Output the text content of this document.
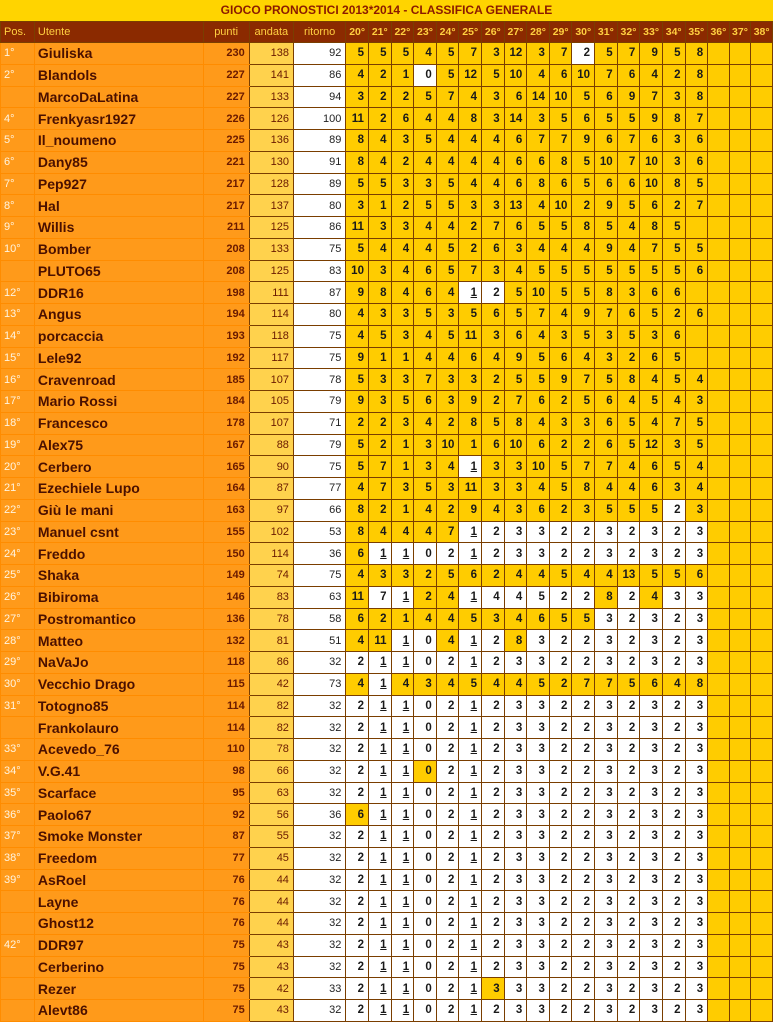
GIOCO PRONOSTICI 2013*2014 - CLASSIFICA GENERALE
Pos.	Utente	punti	andata	ritorno	20°	21°	22°	23°	24°	25°	26°	27°	28°	29°	30°	31°	32°	33°	34°	35°	36°	37°	38°
1°	Giuliska	230	138	92	5	5	5	4	5	7	3	12	3	7	2	5	7	9	5	8			
2°	Blandols	227	141	86	4	2	1	0	5	12	5	10	4	6	10	7	6	4	2	8			
	MarcoDaLatina	227	133	94	3	2	2	5	7	4	3	6	14	10	5	6	9	7	3	8			
4°	Frenkyasr1927	226	126	100	11	2	6	4	4	8	3	14	3	5	6	5	5	9	8	7			
5°	Il_noumeno	225	136	89	8	4	3	5	4	4	4	6	7	7	9	6	7	6	3	6			
6°	Dany85	221	130	91	8	4	2	4	4	4	4	6	6	8	5	10	7	10	3	6			
7°	Pep927	217	128	89	5	5	3	3	5	4	4	6	8	6	5	6	6	10	8	5			
8°	Hal	217	137	80	3	1	2	5	5	3	3	13	4	10	2	9	5	6	2	7			
9°	Willis	211	125	86	11	3	3	4	4	2	7	6	5	5	8	5	4	8	5				
10°	Bomber	208	133	75	5	4	4	4	5	2	6	3	4	4	4	9	4	7	5	5			
	PLUTO65	208	125	83	10	3	4	6	5	7	3	4	5	5	5	5	5	5	5	6			
12°	DDR16	198	111	87	9	8	4	6	4	1	2	5	10	5	5	8	3	6	6				
13°	Angus	194	114	80	4	3	3	5	3	5	6	5	7	4	9	7	6	5	2	6			
14°	porcaccia	193	118	75	4	5	3	4	5	11	3	6	4	3	5	3	5	3	6				
15°	Lele92	192	117	75	9	1	1	4	4	6	4	9	5	6	4	3	2	6	5				
16°	Cravenroad	185	107	78	5	3	3	7	3	3	2	5	5	9	7	5	8	4	5	4			
17°	Mario Rossi	184	105	79	9	3	5	6	3	9	2	7	6	2	5	6	4	5	4	3			
18°	Francesco	178	107	71	2	2	3	4	2	8	5	8	4	3	3	6	5	4	7	5			
19°	Alex75	167	88	79	5	2	1	3	10	1	6	10	6	2	2	6	5	12	3	5			
20°	Cerbero	165	90	75	5	7	1	3	4	1	3	3	10	5	7	7	4	6	5	4			
21°	Ezechiele Lupo	164	87	77	4	7	3	5	3	11	3	3	4	5	8	4	4	6	3	4			
22°	Giù le mani	163	97	66	8	2	1	4	2	9	4	3	6	2	3	5	5	5	2	3			
23°	Manuel csnt	155	102	53	8	4	4	4	7	1	2	3	3	2	2	3	2	3	2	3			
24°	Freddo	150	114	36	6	1	1	0	2	1	2	3	3	2	2	3	2	3	2	3			
25°	Shaka	149	74	75	4	3	3	2	5	6	2	4	4	5	4	4	13	5	5	6			
26°	Bibiroma	146	83	63	11	7	1	2	4	1	4	4	5	2	2	8	2	4	3	3			
27°	Postromantico	136	78	58	6	2	1	4	4	5	3	4	6	5	5	3	2	3	2	3			
28°	Matteo	132	81	51	4	11	1	0	4	1	2	8	3	2	2	3	2	3	2	3			
29°	NaVaJo	118	86	32	2	1	1	0	2	1	2	3	3	2	2	3	2	3	2	3			
30°	Vecchio Drago	115	42	73	4	1	4	3	4	5	4	4	5	2	7	7	5	6	4	8			
31°	Totogno85	114	82	32	2	1	1	0	2	1	2	3	3	2	2	3	2	3	2	3			
	Frankolauro	114	82	32	2	1	1	0	2	1	2	3	3	2	2	3	2	3	2	3			
33°	Acevedo_76	110	78	32	2	1	1	0	2	1	2	3	3	2	2	3	2	3	2	3			
34°	V.G.41	98	66	32	2	1	1	0	2	1	2	3	3	2	2	3	2	3	2	3			
35°	Scarface	95	63	32	2	1	1	0	2	1	2	3	3	2	2	3	2	3	2	3			
36°	Paolo67	92	56	36	6	1	1	0	2	1	2	3	3	2	2	3	2	3	2	3			
37°	Smoke Monster	87	55	32	2	1	1	0	2	1	2	3	3	2	2	3	2	3	2	3			
38°	Freedom	77	45	32	2	1	1	0	2	1	2	3	3	2	2	3	2	3	2	3			
39°	AsRoel	76	44	32	2	1	1	0	2	1	2	3	3	2	2	3	2	3	2	3			
	Layne	76	44	32	2	1	1	0	2	1	2	3	3	2	2	3	2	3	2	3			
	Ghost12	76	44	32	2	1	1	0	2	1	2	3	3	2	2	3	2	3	2	3			
42°	DDR97	75	43	32	2	1	1	0	2	1	2	3	3	2	2	3	2	3	2	3			
	Cerberino	75	43	32	2	1	1	0	2	1	2	3	3	2	2	3	2	3	2	3			
	Rezer	75	42	33	2	1	1	0	2	1	3	3	3	2	2	3	2	3	2	3			
	Alevt86	75	43	32	2	1	1	0	2	1	2	3	3	2	2	3	2	3	2	3			
